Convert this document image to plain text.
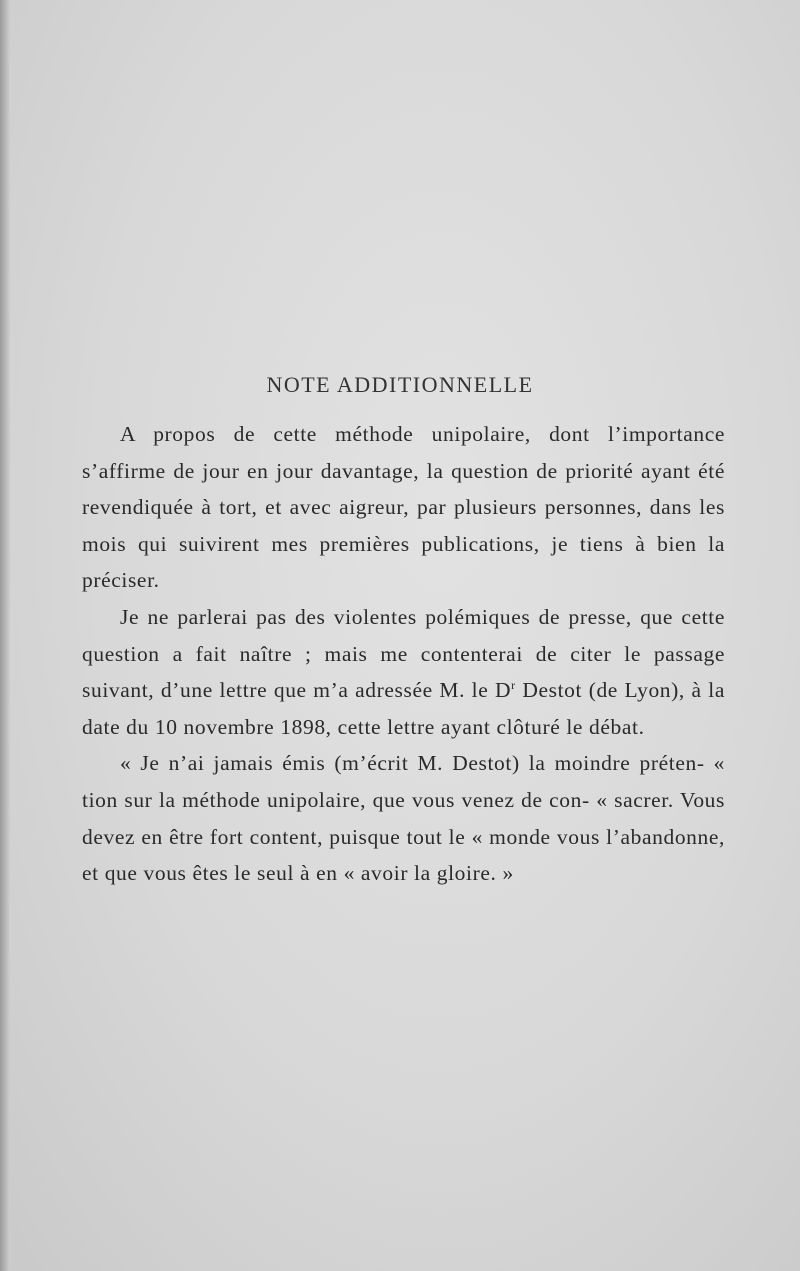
NOTE ADDITIONNELLE

A propos de cette méthode unipolaire, dont l’importance s’affirme de jour en jour davantage, la question de priorité ayant été revendiquée à tort, et avec aigreur, par plusieurs personnes, dans les mois qui suivirent mes premières publications, je tiens à bien la préciser.

Je ne parlerai pas des violentes polémiques de presse, que cette question a fait naître ; mais me contenterai de citer le passage suivant, d’une lettre que m’a adressée M. le $D^r$ Destot (de Lyon), à la date du 10 novembre 1898, cette lettre ayant clôturé le débat.

« Je n’ai jamais émis (m’écrit M. Destot) la moindre préten- « tion sur la méthode unipolaire, que vous venez de con- « sacrer. Vous devez en être fort content, puisque tout le « monde vous l’abandonne, et que vous êtes le seul à en « avoir la gloire. »
